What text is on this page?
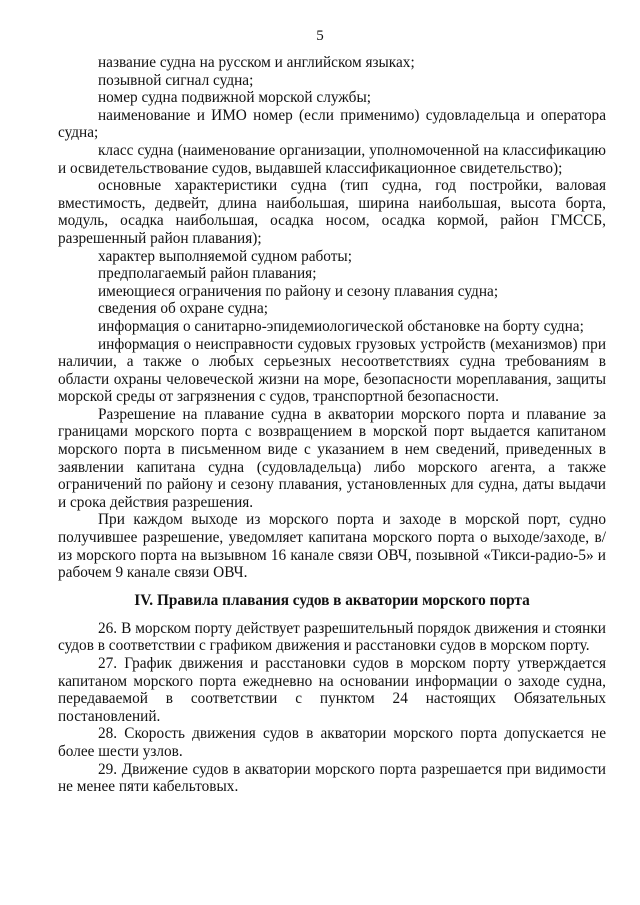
5

название судна на русском и английском языках;

позывной сигнал судна;

номер судна подвижной морской службы;

наименование и ИМО номер (если применимо) судовладельца и оператора судна;

класс судна (наименование организации, уполномоченной на классификацию и освидетельствование судов, выдавшей классификационное свидетельство);

основные характеристики судна (тип судна, год постройки, валовая вместимость, дедвейт, длина наибольшая, ширина наибольшая, высота борта, модуль, осадка наибольшая, осадка носом, осадка кормой, район ГМССБ, разрешенный район плавания);

характер выполняемой судном работы;

предполагаемый район плавания;

имеющиеся ограничения по району и сезону плавания судна;

сведения об охране судна;

информация о санитарно-эпидемиологической обстановке на борту судна;

информация о неисправности судовых грузовых устройств (механизмов) при наличии, а также о любых серьезных несоответствиях судна требованиям в области охраны человеческой жизни на море, безопасности мореплавания, защиты морской среды от загрязнения с судов, транспортной безопасности.

Разрешение на плавание судна в акватории морского порта и плавание за границами морского порта с возвращением в морской порт выдается капитаном морского порта в письменном виде с указанием в нем сведений, приведенных в заявлении капитана судна (судовладельца) либо морского агента, а также ограничений по району и сезону плавания, установленных для судна, даты выдачи и срока действия разрешения.

При каждом выходе из морского порта и заходе в морской порт, судно получившее разрешение, уведомляет капитана морского порта о выходе/заходе, в/из морского порта на вызывном 16 канале связи ОВЧ, позывной «Тикси-радио-5» и рабочем 9 канале связи ОВЧ.

IV. Правила плавания судов в акватории морского порта

26. В морском порту действует разрешительный порядок движения и стоянки судов в соответствии с графиком движения и расстановки судов в морском порту.

27. График движения и расстановки судов в морском порту утверждается капитаном морского порта ежедневно на основании информации о заходе судна, передаваемой в соответствии с пунктом 24 настоящих Обязательных постановлений.

28. Скорость движения судов в акватории морского порта допускается не более шести узлов.

29. Движение судов в акватории морского порта разрешается при видимости не менее пяти кабельтовых.
